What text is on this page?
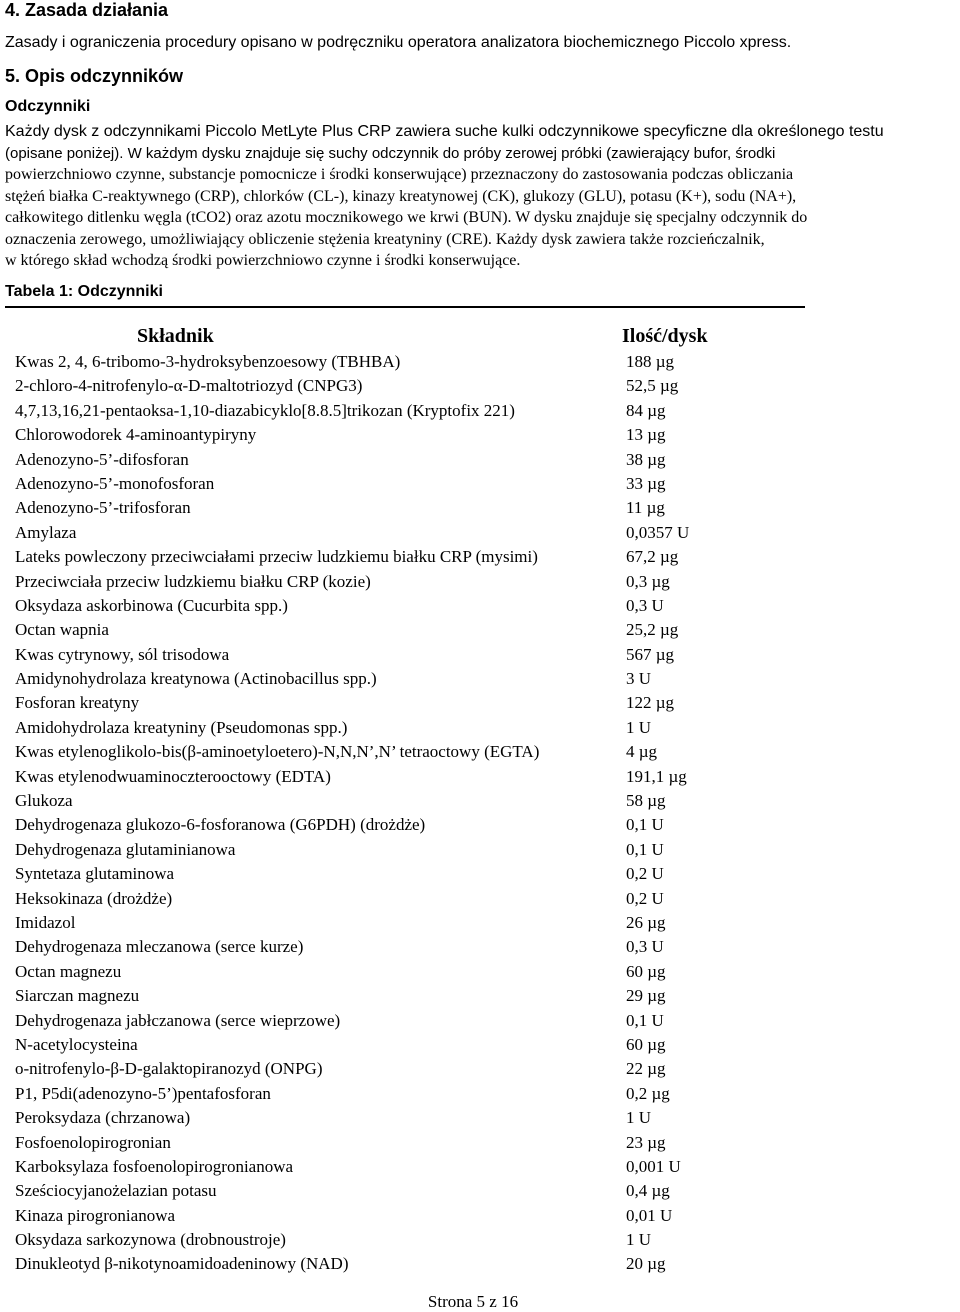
4. Zasada działania

Zasady i ograniczenia procedury opisano w podręczniku operatora analizatora biochemicznego Piccolo xpress.

5. Opis odczynników
Odczynniki
Każdy dysk z odczynnikami Piccolo MetLyte Plus CRP zawiera suche kulki odczynnikowe specyficzne dla określonego testu
(opisane poniżej). W każdym dysku znajduje się suchy odczynnik do próby zerowej próbki (zawierający bufor, środki
powierzchniowo czynne, substancje pomocnicze i środki konserwujące) przeznaczony do zastosowania podczas obliczania
stężeń białka C-reaktywnego (CRP), chlorków (CL-), kinazy kreatynowej (CK), glukozy (GLU), potasu (K+), sodu (NA+),
całkowitego ditlenku węgla (tCO2) oraz azotu mocznikowego we krwi (BUN). W dysku znajduje się specjalny odczynnik do
oznaczenia zerowego, umożliwiający obliczenie stężenia kreatyniny (CRE). Każdy dysk zawiera także rozcieńczalnik,
w którego skład wchodzą środki powierzchniowo czynne i środki konserwujące.

Tabela 1: Odczynniki

Składnik	Ilość/dysk
Kwas 2, 4, 6-tribomo-3-hydroksybenzoesowy (TBHBA)	188 µg
2-chloro-4-nitrofenylo-α-D-maltotriozyd (CNPG3)	52,5 µg
4,7,13,16,21-pentaoksa-1,10-diazabicyklo[8.8.5]trikozan (Kryptofix 221)	84 µg
Chlorowodorek 4-aminoantypiryny	13 µg
Adenozyno-5’-difosforan	38 µg
Adenozyno-5’-monofosforan	33 µg
Adenozyno-5’-trifosforan	11 µg
Amylaza	0,0357 U
Lateks powleczony przeciwciałami przeciw ludzkiemu białku CRP (mysimi)	67,2 µg
Przeciwciała przeciw ludzkiemu białku CRP (kozie)	0,3 µg
Oksydaza askorbinowa (Cucurbita spp.)	0,3 U
Octan wapnia	25,2 µg
Kwas cytrynowy, sól trisodowa	567 µg
Amidynohydrolaza kreatynowa (Actinobacillus spp.)	3 U
Fosforan kreatyny	122 µg
Amidohydrolaza kreatyniny (Pseudomonas spp.)	1 U
Kwas etylenoglikolo-bis(β-aminoetyloetero)-N,N,N’,N’ tetraoctowy (EGTA)	4 µg
Kwas etylenodwuaminoczterooctowy (EDTA)	191,1 µg
Glukoza	58 µg
Dehydrogenaza glukozo-6-fosforanowa (G6PDH) (drożdże)	0,1 U
Dehydrogenaza glutaminianowa	0,1 U
Syntetaza glutaminowa	0,2 U
Heksokinaza (drożdże)	0,2 U
Imidazol	26 µg
Dehydrogenaza mleczanowa (serce kurze)	0,3 U
Octan magnezu	60 µg
Siarczan magnezu	29 µg
Dehydrogenaza jabłczanowa (serce wieprzowe)	0,1 U
N-acetylocysteina	60 µg
o-nitrofenylo-β-D-galaktopiranozyd (ONPG)	22 µg
P1, P5di(adenozyno-5’)pentafosforan	0,2 µg
Peroksydaza (chrzanowa)	1 U
Fosfoenolopirogronian	23 µg
Karboksylaza fosfoenolopirogronianowa	0,001 U
Sześciocyjanożelazian potasu	0,4 µg
Kinaza pirogronianowa	0,01 U
Oksydaza sarkozynowa (drobnoustroje)	1 U
Dinukleotyd β-nikotynoamidoadeninowy (NAD)	20 µg
Strona 5 z 16
